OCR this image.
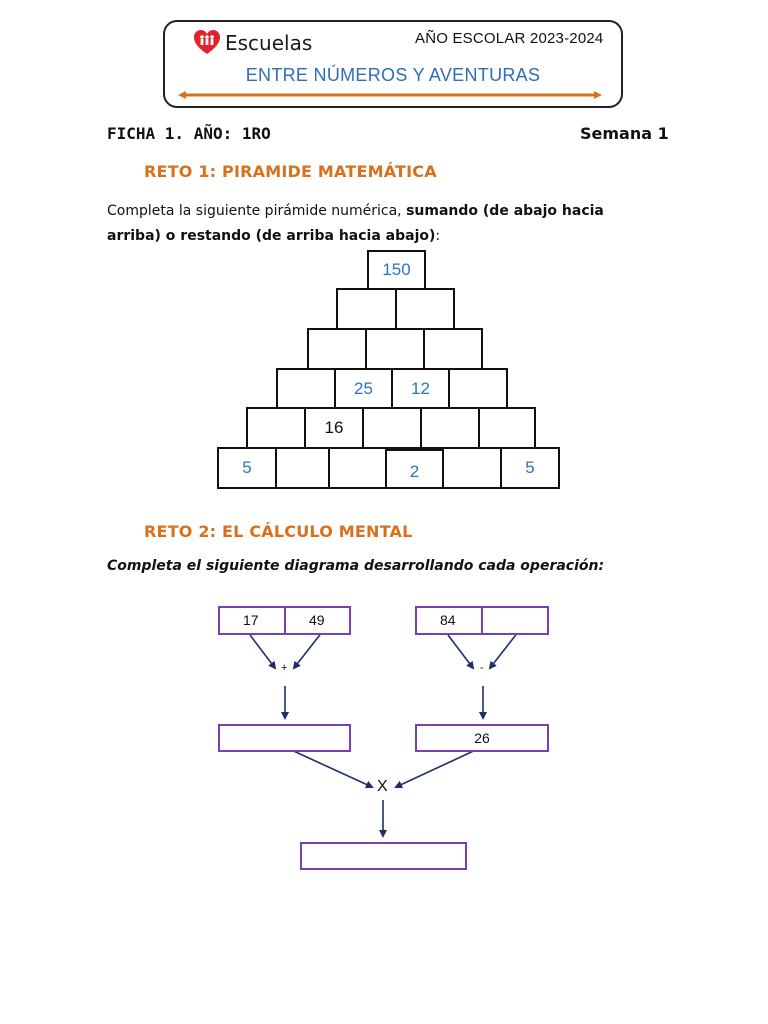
Escuelas	AÑO ESCOLAR 2023-2024
ENTRE NÚMEROS Y AVENTURAS
FICHA 1. AÑO: 1RO	Semana 1
RETO 1: PIRAMIDE MATEMÁTICA
Completa la siguiente pirámide numérica, sumando (de abajo hacia arriba) o restando (de arriba hacia abajo):
150
25	12
16
5	2	5
RETO 2: EL CÁLCULO MENTAL
Completa el siguiente diagrama desarrollando cada operación:
17	49	84
+	-
26
X
